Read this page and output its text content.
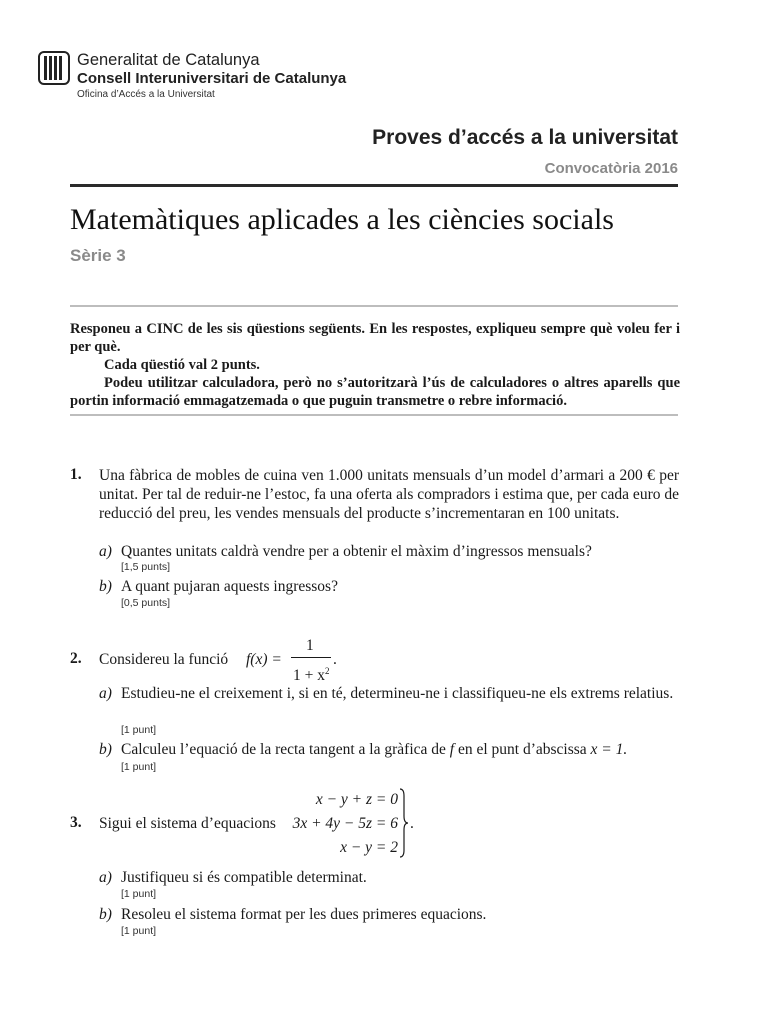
Generalitat de Catalunya
Consell Interuniversitari de Catalunya
Oficina d’Accés a la Universitat
Proves d’accés a la universitat
Convocatòria 2016
Matemàtiques aplicades a les ciències socials
Sèrie 3

Responeu a CINC de les sis qüestions següents. En les respostes, expliqueu sempre què voleu fer i per què.

Cada qüestió val 2 punts.

Podeu utilitzar calculadora, però no s’autoritzarà l’ús de calculadores o altres aparells que portin informació emmagatzemada o que puguin transmetre o rebre informació.

1. Una fàbrica de mobles de cuina ven 1.000 unitats mensuals d’un model d’armari a 200 € per unitat. Per tal de reduir-ne l’estoc, fa una oferta als compradors i estima que, per cada euro de reducció del preu, les vendes mensuals del producte s’incrementaran en 100 unitats.
a) Quantes unitats caldrà vendre per a obtenir el màxim d’ingressos mensuals?
[1,5 punts]
b) A quant pujaran aquests ingressos?
[0,5 punts]
2. Considereu la funció f(x) =
1
$1 + x^2$
.
a) Estudieu-ne el creixement i, si en té, determineu-ne i classifiqueu-ne els extrems relatius.
[1 punt]
b) Calculeu l’equació de la recta tangent a la gràfica de f en el punt d’abscissa x = 1.
[1 punt]
3. Sigui el sistema d’equacions
x − y + z = 0
3x + 4y − 5z = 6
x − y = 2
.
a) Justifiqueu si és compatible determinat.
[1 punt]
b) Resoleu el sistema format per les dues primeres equacions.
[1 punt]
